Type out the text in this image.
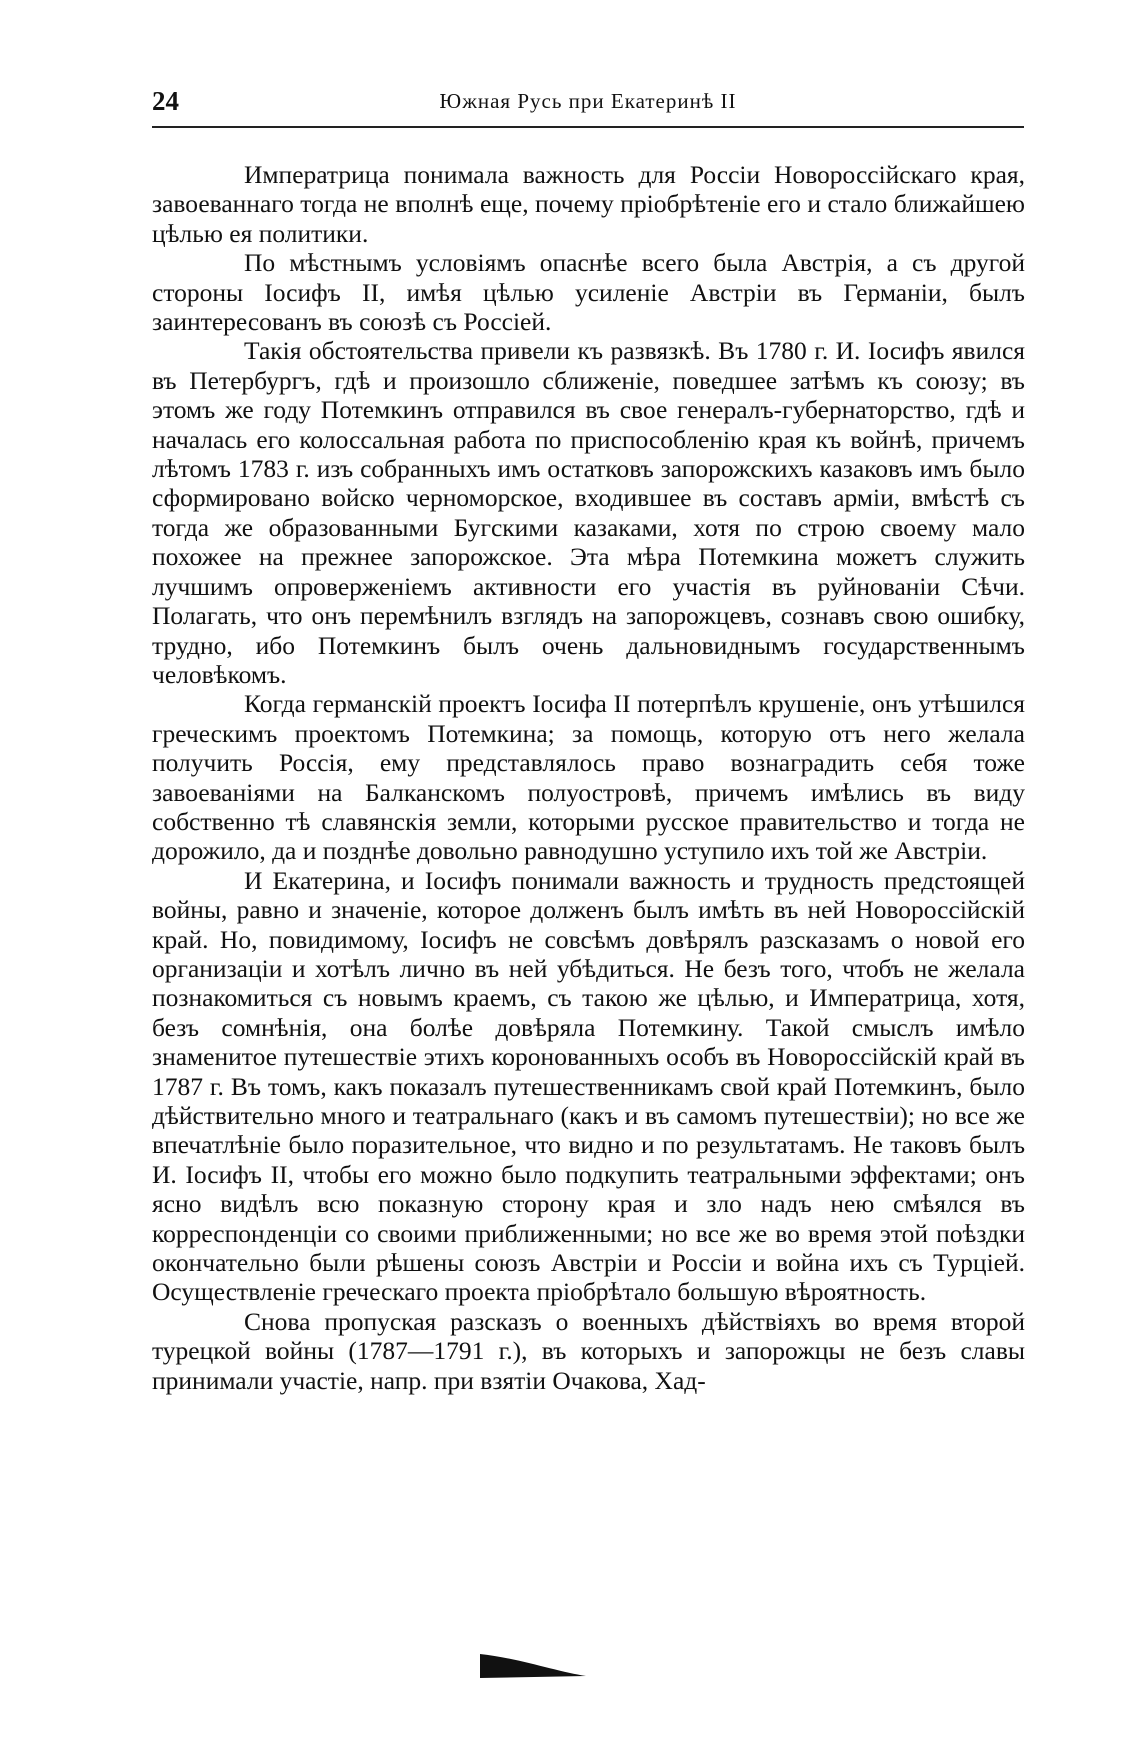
24	Южная Русь при Екатеринѣ II

Императрица понимала важность для Россіи Новороссійскаго края, завоеваннаго тогда не вполнѣ еще, почему пріобрѣтеніе его и стало ближайшею цѣлью ея политики.

По мѣстнымъ условіямъ опаснѣе всего была Австрія, а съ другой стороны Іосифъ II, имѣя цѣлью усиленіе Австріи въ Германіи, былъ заинтересованъ въ союзѣ съ Россіей.

Такія обстоятельства привели къ развязкѣ. Въ 1780 г. И. Іосифъ явился въ Петербургъ, гдѣ и произошло сближеніе, поведшее затѣмъ къ союзу; въ этомъ же году Потемкинъ отправился въ свое генералъ-губернаторство, гдѣ и началась его колоссальная работа по приспособленію края къ войнѣ, причемъ лѣтомъ 1783 г. изъ собранныхъ имъ остатковъ запорожскихъ казаковъ имъ было сформировано войско черноморское, входившее въ составъ арміи, вмѣстѣ съ тогда же образованными Бугскими казаками, хотя по строю своему мало похожее на прежнее запорожское. Эта мѣра Потемкина можетъ служить лучшимъ опроверженіемъ активности его участія въ руйнованіи Сѣчи. Полагать, что онъ перемѣнилъ взглядъ на запорожцевъ, сознавъ свою ошибку, трудно, ибо Потемкинъ былъ очень дальновиднымъ государственнымъ человѣкомъ.

Когда германскій проектъ Іосифа II потерпѣлъ крушеніе, онъ утѣшился греческимъ проектомъ Потемкина; за помощь, которую отъ него желала получить Россія, ему представлялось право вознаградить себя тоже завоеваніями на Балканскомъ полуостровѣ, причемъ имѣлись въ виду собственно тѣ славянскія земли, которыми русское правительство и тогда не дорожило, да и позднѣе довольно равнодушно уступило ихъ той же Австріи.

И Екатерина, и Іосифъ понимали важность и трудность предстоящей войны, равно и значеніе, которое долженъ былъ имѣть въ ней Новороссійскій край. Но, повидимому, Іосифъ не совсѣмъ довѣрялъ разсказамъ о новой его организаціи и хотѣлъ лично въ ней убѣдиться. Не безъ того, чтобъ не желала познакомиться съ новымъ краемъ, съ такою же цѣлью, и Императрица, хотя, безъ сомнѣнія, она болѣе довѣряла Потемкину. Такой смыслъ имѣло знаменитое путешествіе этихъ коронованныхъ особъ въ Новороссійскій край въ 1787 г. Въ томъ, какъ показалъ путешественникамъ свой край Потемкинъ, было дѣйствительно много и театральнаго (какъ и въ самомъ путешествіи); но все же впечатлѣніе было поразительное, что видно и по результатамъ. Не таковъ былъ И. Іосифъ II, чтобы его можно было подкупить театральными эффектами; онъ ясно видѣлъ всю показную сторону края и зло надъ нею смѣялся въ корреспонденціи со своими приближенными; но все же во время этой поѣздки окончательно были рѣшены союзъ Австріи и Россіи и война ихъ съ Турціей. Осуществленіе греческаго проекта пріобрѣтало большую вѣроятность.

Снова пропуская разсказъ о военныхъ дѣйствіяхъ во время второй турецкой войны (1787—1791 г.), въ которыхъ и запорожцы не безъ славы принимали участіе, напр. при взятіи Очакова, Хад-
